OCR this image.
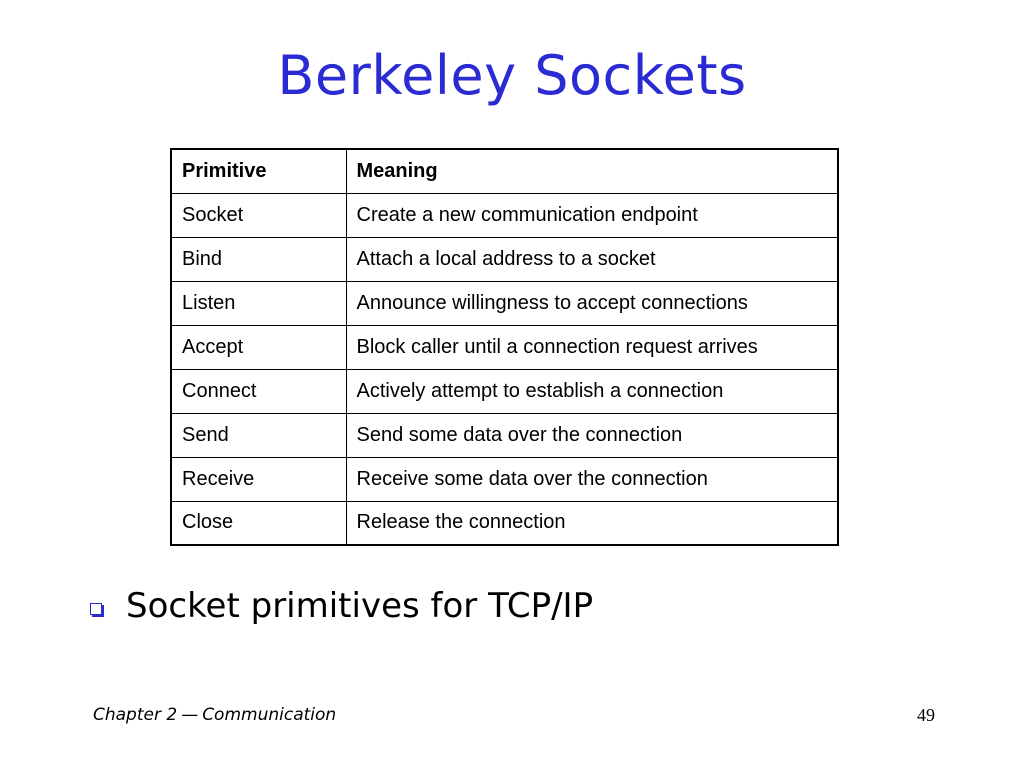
Berkeley Sockets
Primitive	Meaning
Socket	Create a new communication endpoint
Bind	Attach a local address to a socket
Listen	Announce willingness to accept connections
Accept	Block caller until a connection request arrives
Connect	Actively attempt to establish a connection
Send	Send some data over the connection
Receive	Receive some data over the connection
Close	Release the connection
Socket primitives for TCP/IP
Chapter 2 — Communication	49
